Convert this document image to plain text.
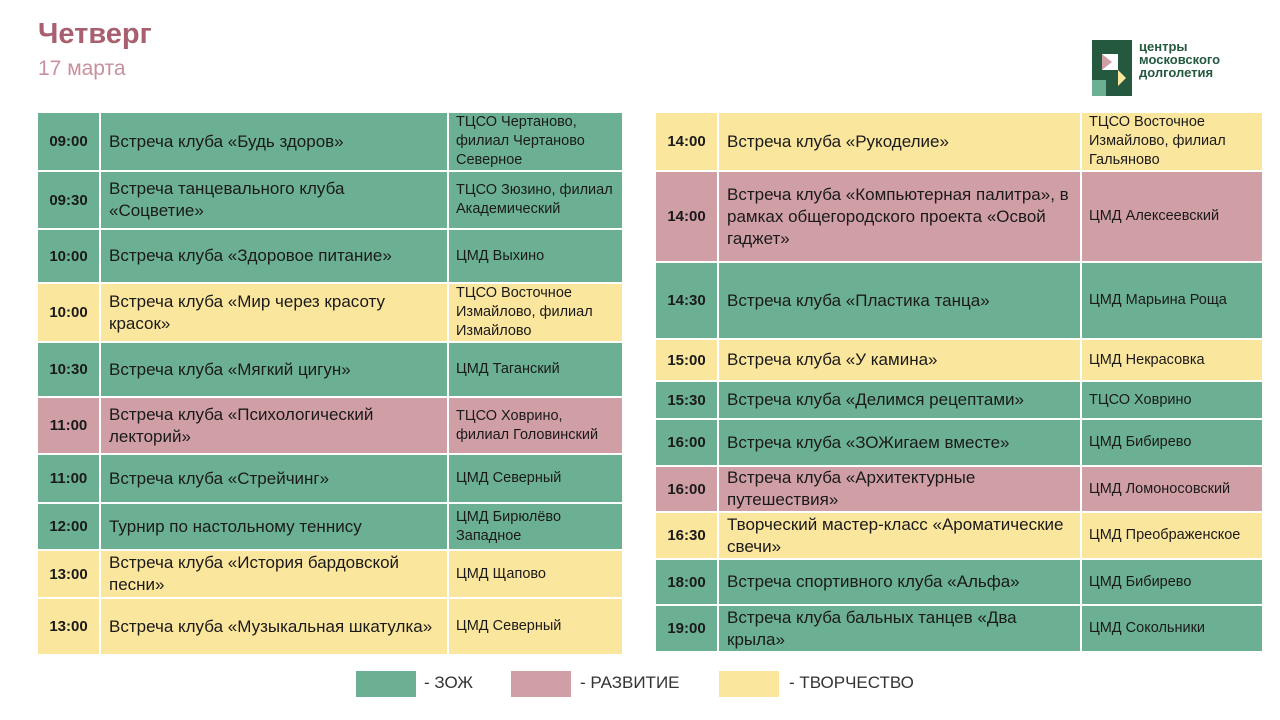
Четверг
17 марта
центры
московского
долголетия
09:00	Встреча клуба «Будь здоров»	ТЦСО Чертаново, филиал Чертаново Северное
09:30	Встреча танцевального клуба «Соцветие»	ТЦСО Зюзино, филиал Академический
10:00	Встреча клуба «Здоровое питание»	ЦМД Выхино
10:00	Встреча клуба «Мир через красоту красок»	ТЦСО Восточное Измайлово, филиал Измайлово
10:30	Встреча клуба «Мягкий цигун»	ЦМД Таганский
11:00	Встреча клуба «Психологический лекторий»	ТЦСО Ховрино, филиал Головинский
11:00	Встреча клуба «Стрейчинг»	ЦМД Северный
12:00	Турнир по настольному теннису	ЦМД Бирюлёво Западное
13:00	Встреча клуба «История бардовской песни»	ЦМД Щапово
13:00	Встреча клуба «Музыкальная шкатулка»	ЦМД Северный
14:00	Встреча клуба «Рукоделие»	ТЦСО Восточное Измайлово, филиал Гальяново
14:00	Встреча клуба «Компьютерная палитра», в рамках общегородского проекта «Освой гаджет»	ЦМД Алексеевский
14:30	Встреча клуба «Пластика танца»	ЦМД Марьина Роща
15:00	Встреча клуба «У камина»	ЦМД Некрасовка
15:30	Встреча клуба «Делимся рецептами»	ТЦСО Ховрино
16:00	Встреча клуба «ЗОЖигаем вместе»	ЦМД Бибирево
16:00	Встреча клуба «Архитектурные путешествия»	ЦМД Ломоносовский
16:30	Творческий мастер-класс «Ароматические свечи»	ЦМД Преображенское
18:00	Встреча спортивного клуба «Альфа»	ЦМД Бибирево
19:00	Встреча клуба бальных танцев «Два крыла»	ЦМД Сокольники
- ЗОЖ	- РАЗВИТИЕ	- ТВОРЧЕСТВО
